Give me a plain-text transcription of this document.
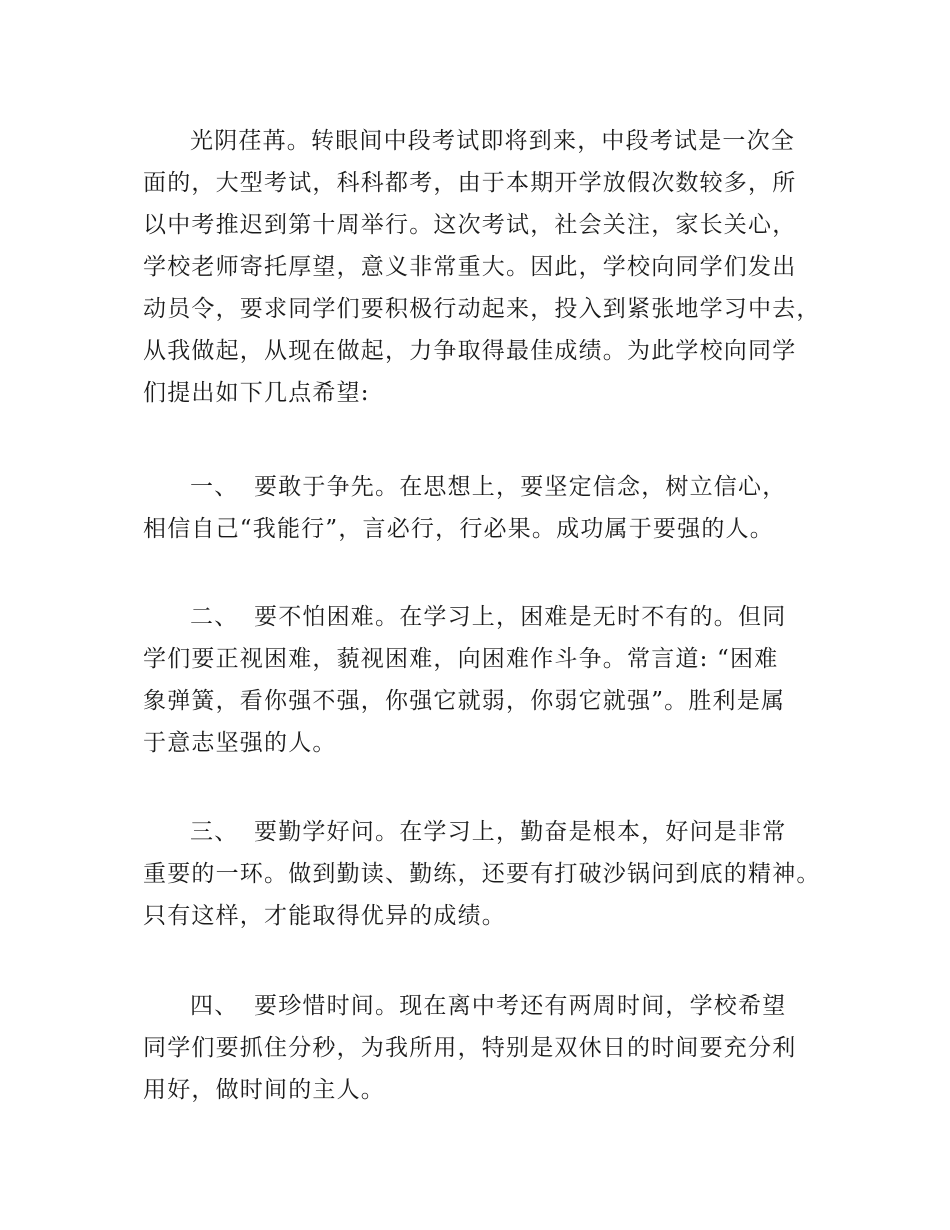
光阴荏苒。转眼间中段考试即将到来，中段考试是一次全
面的，大型考试，科科都考，由于本期开学放假次数较多，所
以中考推迟到第十周举行。这次考试，社会关注，家长关心，
学校老师寄托厚望，意义非常重大。因此，学校向同学们发出
动员令，要求同学们要积极行动起来，投入到紧张地学习中去，
从我做起，从现在做起，力争取得最佳成绩。为此学校向同学
们提出如下几点希望:
一、 要敢于争先。在思想上，要坚定信念，树立信心，
相信自己“我能行”，言必行，行必果。成功属于要强的人。
二、 要不怕困难。在学习上，困难是无时不有的。但同
学们要正视困难，藐视困难，向困难作斗争。常言道: “困难
象弹簧，看你强不强，你强它就弱，你弱它就强”。胜利是属
于意志坚强的人。
三、 要勤学好问。在学习上，勤奋是根本，好问是非常
重要的一环。做到勤读、勤练，还要有打破沙锅问到底的精神。
只有这样，才能取得优异的成绩。
四、 要珍惜时间。现在离中考还有两周时间，学校希望
同学们要抓住分秒，为我所用，特别是双休日的时间要充分利
用好，做时间的主人。
